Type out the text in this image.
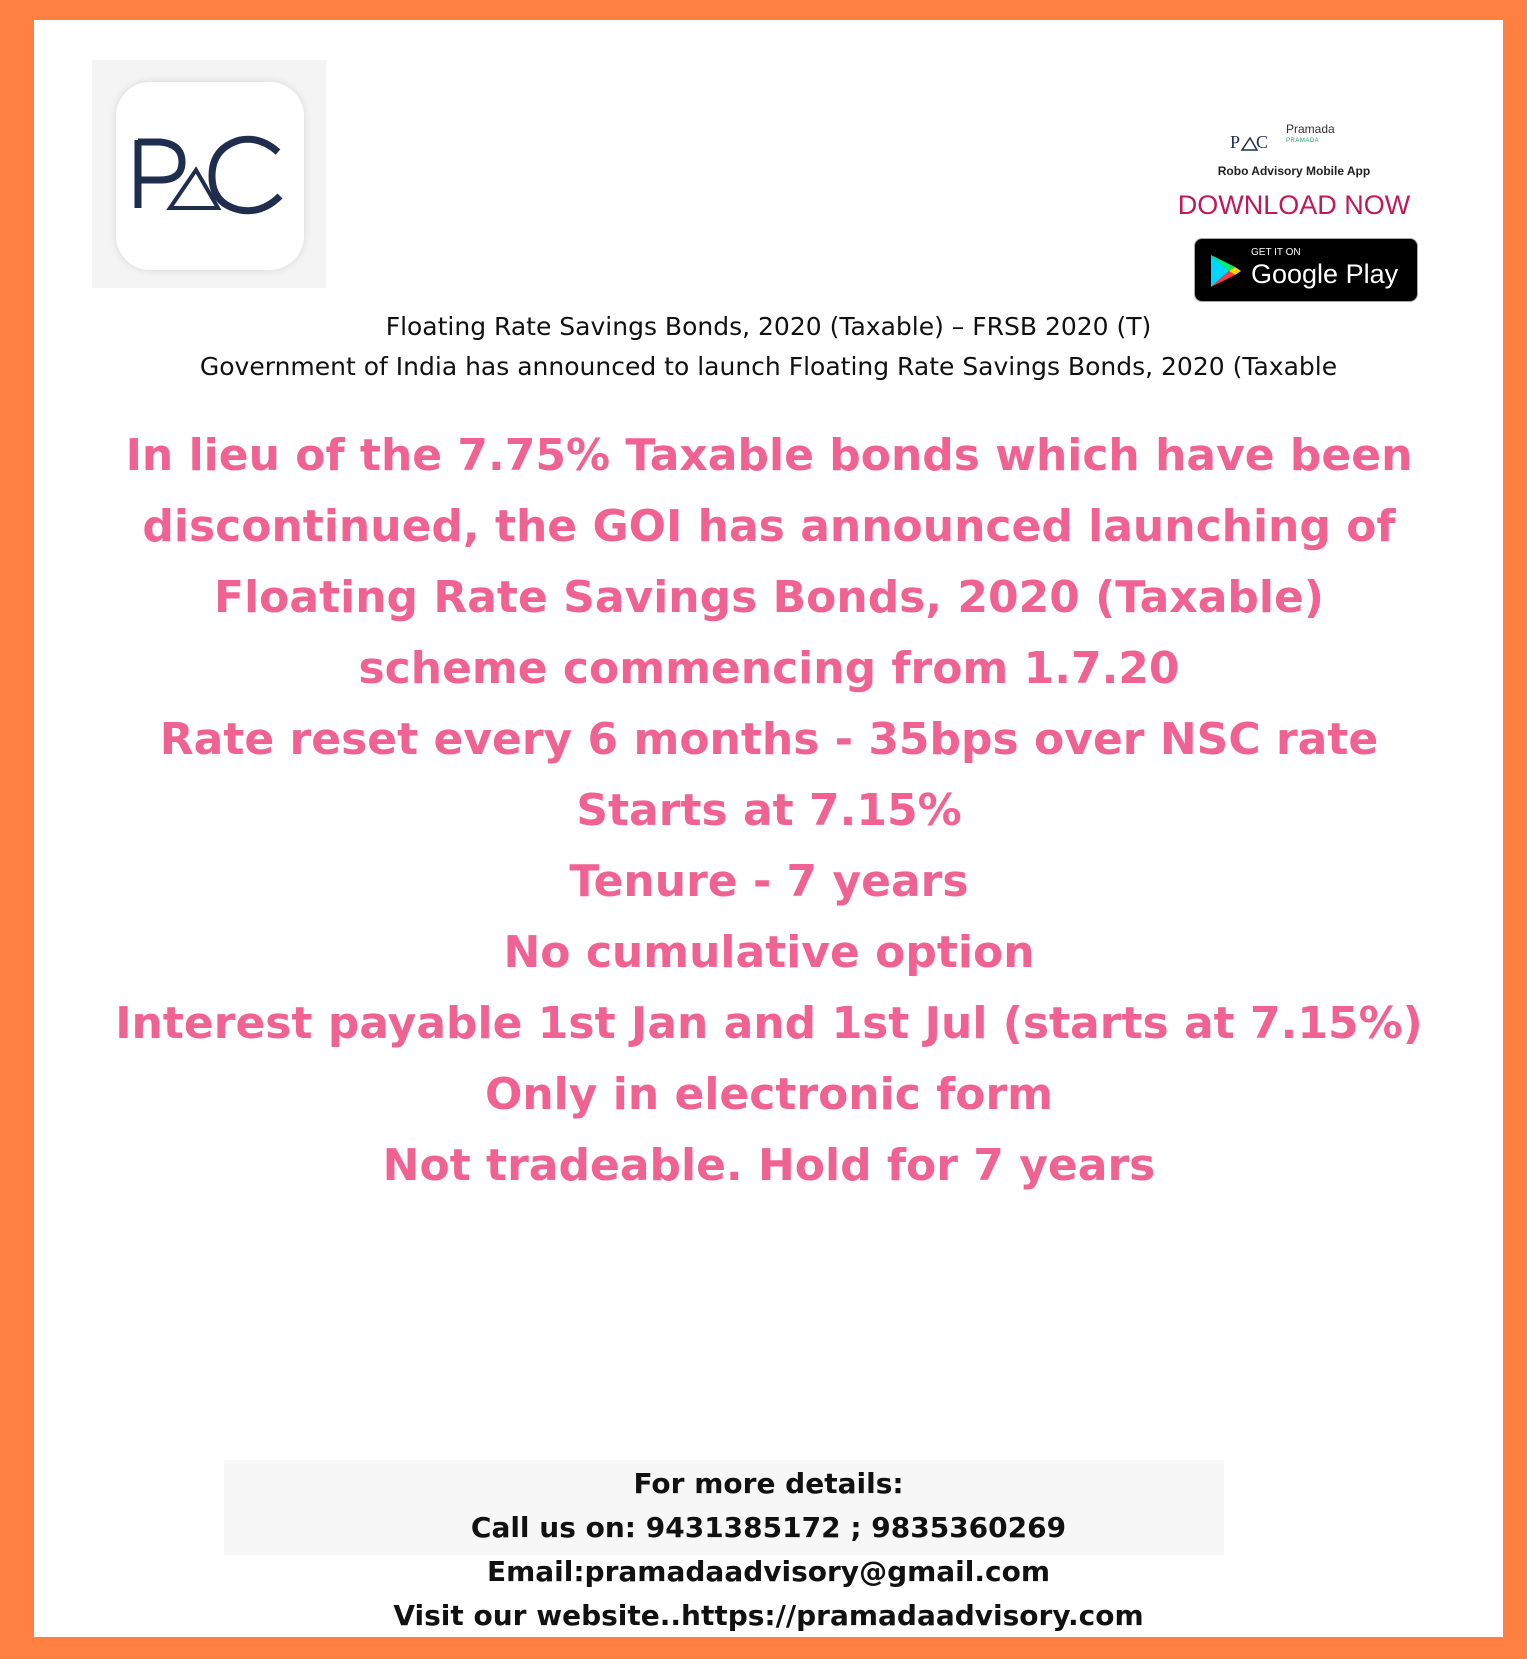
P C
Pramada
PRAMADA
Robo Advisory Mobile App
DOWNLOAD NOW
GET IT ON
Google Play
Floating Rate Savings Bonds, 2020 (Taxable) – FRSB 2020 (T)
Government of India has announced to launch Floating Rate Savings Bonds, 2020 (Taxable
In lieu of the 7.75% Taxable bonds which have been discontinued, the GOI has announced launching of Floating Rate Savings Bonds, 2020 (Taxable) scheme commencing from 1.7.20
Rate reset every 6 months - 35bps over NSC rate
Starts at 7.15%
Tenure - 7 years
No cumulative option
Interest payable 1st Jan and 1st Jul (starts at 7.15%)
Only in electronic form
Not tradeable. Hold for 7 years
For more details:
Call us on: 9431385172 ; 9835360269
Email:pramadaadvisory@gmail.com
Visit our website..https://pramadaadvisory.com
